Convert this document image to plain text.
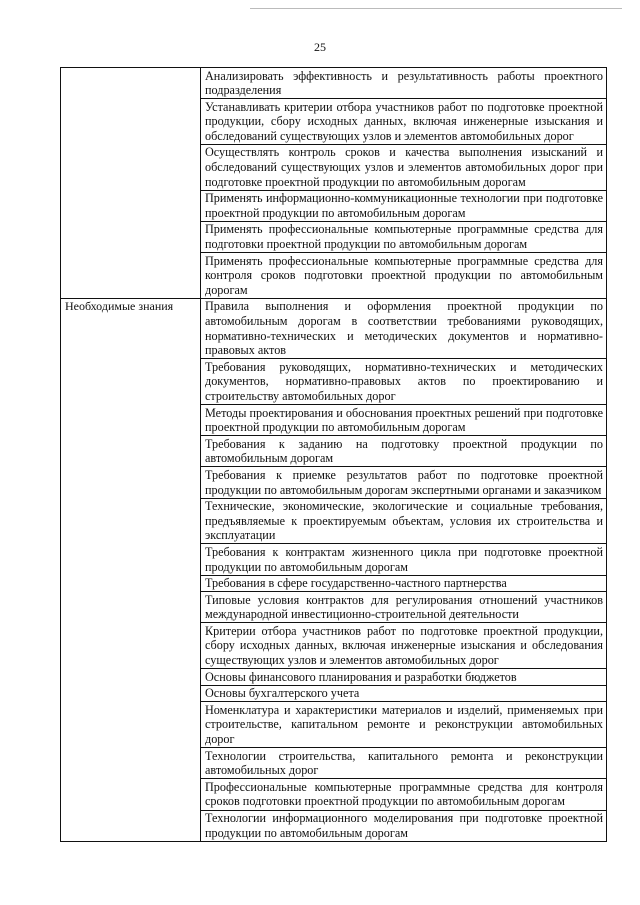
25
	Анализировать эффективность и результативность работы проектного подразделения
	Устанавливать критерии отбора участников работ по подготовке проектной продукции, сбору исходных данных, включая инженерные изыскания и обследований существующих узлов и элементов автомобильных дорог
	Осуществлять контроль сроков и качества выполнения изысканий и обследований существующих узлов и элементов автомобильных дорог при подготовке проектной продукции по автомобильным дорогам
	Применять информационно-коммуникационные технологии при подготовке проектной продукции по автомобильным дорогам
	Применять профессиональные компьютерные программные средства для подготовки проектной продукции по автомобильным дорогам
	Применять профессиональные компьютерные программные средства для контроля сроков подготовки проектной продукции по автомобильным дорогам
Необходимые знания	Правила выполнения и оформления проектной продукции по автомобильным дорогам в соответствии требованиями руководящих, нормативно-технических и методических документов и нормативно-правовых актов
	Требования руководящих, нормативно-технических и методических документов, нормативно-правовых актов по проектированию и строительству автомобильных дорог
	Методы проектирования и обоснования проектных решений при подготовке проектной продукции по автомобильным дорогам
	Требования к заданию на подготовку проектной продукции по автомобильным дорогам
	Требования к приемке результатов работ по подготовке проектной продукции по автомобильным дорогам экспертными органами и заказчиком
	Технические, экономические, экологические и социальные требования, предъявляемые к проектируемым объектам, условия их строительства и эксплуатации
	Требования к контрактам жизненного цикла при подготовке проектной продукции по автомобильным дорогам
	Требования в сфере государственно-частного партнерства
	Типовые условия контрактов для регулирования отношений участников международной инвестиционно-строительной деятельности
	Критерии отбора участников работ по подготовке проектной продукции, сбору исходных данных, включая инженерные изыскания и обследования существующих узлов и элементов автомобильных дорог
	Основы финансового планирования и разработки бюджетов
	Основы бухгалтерского учета
	Номенклатура и характеристики материалов и изделий, применяемых при строительстве, капитальном ремонте и реконструкции автомобильных дорог
	Технологии строительства, капитального ремонта и реконструкции автомобильных дорог
	Профессиональные компьютерные программные средства для контроля сроков подготовки проектной продукции по автомобильным дорогам
	Технологии информационного моделирования при подготовке проектной продукции по автомобильным дорогам
